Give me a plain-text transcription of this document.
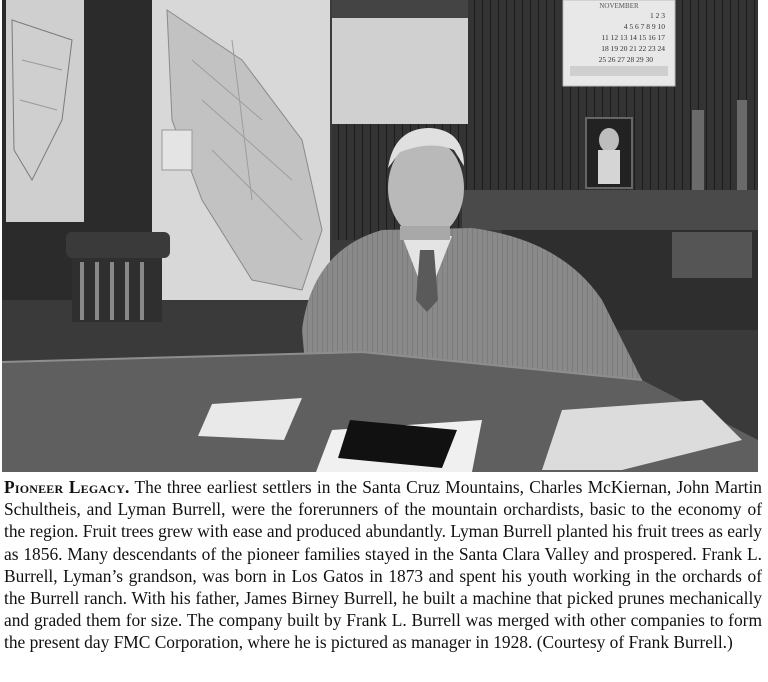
NOVEMBER
1 2 3
4 5 6 7 8 9 10
11 12 13 14 15 16 17
18 19 20 21 22 23 24
25 26 27 28 29 30

Pioneer Legacy. The three earliest settlers in the Santa Cruz Mountains, Charles McKiernan, John Martin Schultheis, and Lyman Burrell, were the forerunners of the mountain orchardists, basic to the economy of the region. Fruit trees grew with ease and produced abundantly. Lyman Burrell planted his fruit trees as early as 1856. Many descendants of the pioneer families stayed in the Santa Clara Valley and prospered. Frank L. Burrell, Lyman’s grandson, was born in Los Gatos in 1873 and spent his youth working in the orchards of the Burrell ranch. With his father, James Birney Burrell, he built a machine that picked prunes mechanically and graded them for size. The company built by Frank L. Burrell was merged with other companies to form the present day FMC Corporation, where he is pictured as manager in 1928. (Courtesy of Frank Burrell.)
